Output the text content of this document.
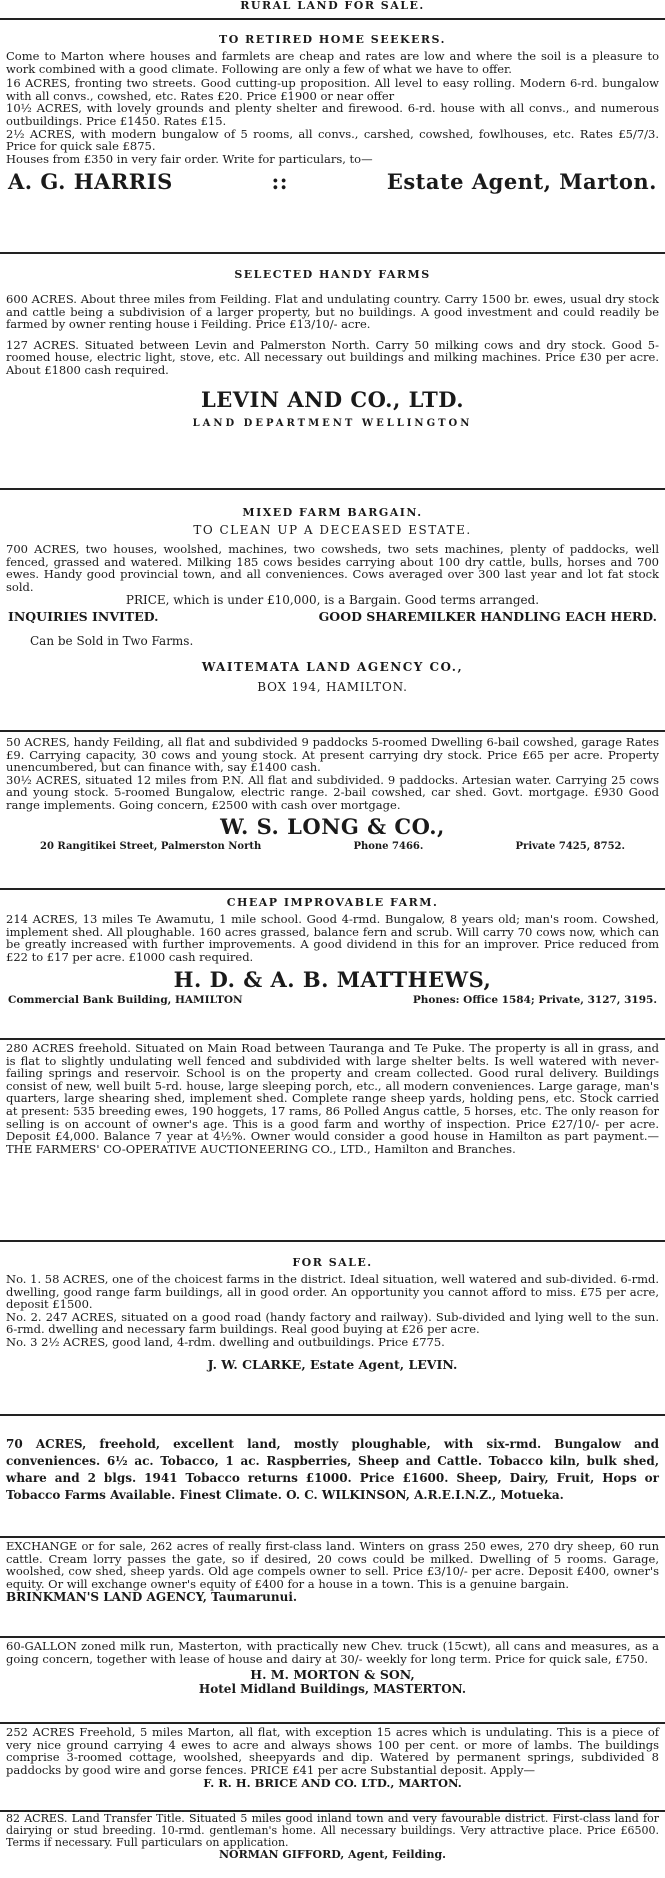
RURAL LAND FOR SALE.
TO RETIRED HOME SEEKERS.
Come to Marton where houses and farmlets are cheap and rates are low and where the soil is a pleasure to work combined with a good climate. Following are only a few of what we have to offer.
16 ACRES, fronting two streets. Good cutting-up proposition. All level to easy rolling. Modern 6-rd. bungalow with all convs., cowshed, etc. Rates £20. Price £1900 or near offer
10½ ACRES, with lovely grounds and plenty shelter and firewood. 6-rd. house with all convs., and numerous outbuildings. Price £1450. Rates £15.
2½ ACRES, with modern bungalow of 5 rooms, all convs., carshed, cowshed, fowlhouses, etc. Rates £5/7/3. Price for quick sale £875.
Houses from £350 in very fair order. Write for particulars, to—
A. G. HARRIS	::	Estate Agent, Marton.
SELECTED HANDY FARMS
600 ACRES. About three miles from Feilding. Flat and undulating country. Carry 1500 br. ewes, usual dry stock and cattle being a subdivision of a larger property, but no buildings. A good investment and could readily be farmed by owner renting house i Feilding. Price £13/10/- acre.
127 ACRES. Situated between Levin and Palmerston North. Carry 50 milking cows and dry stock. Good 5-roomed house, electric light, stove, etc. All necessary out buildings and milking machines. Price £30 per acre. About £1800 cash required.
LEVIN AND CO., LTD.
LAND DEPARTMENT WELLINGTON
MIXED FARM BARGAIN.
TO CLEAN UP A DECEASED ESTATE.
700 ACRES, two houses, woolshed, machines, two cowsheds, two sets machines, plenty of paddocks, well fenced, grassed and watered. Milking 185 cows besides carrying about 100 dry cattle, bulls, horses and 700 ewes. Handy good provincial town, and all conveniences. Cows averaged over 300 last year and lot fat stock sold.
PRICE, which is under £10,000, is a Bargain. Good terms arranged.
INQUIRIES INVITED.	GOOD SHAREMILKER HANDLING EACH HERD.
Can be Sold in Two Farms.
WAITEMATA LAND AGENCY CO.,
BOX 194, HAMILTON.
50 ACRES, handy Feilding, all flat and subdivided 9 paddocks 5-roomed Dwelling 6-bail cowshed, garage Rates £9. Carrying capacity, 30 cows and young stock. At present carrying dry stock. Price £65 per acre. Property unencumbered, but can finance with, say £1400 cash.
30½ ACRES, situated 12 miles from P.N. All flat and subdivided. 9 paddocks. Artesian water. Carrying 25 cows and young stock. 5-roomed Bungalow, electric range. 2-bail cowshed, car shed. Govt. mortgage. £930 Good range implements. Going concern, £2500 with cash over mortgage.
W. S. LONG & CO.,
20 Rangitikei Street, Palmerston North	Phone 7466.	Private 7425, 8752.
CHEAP IMPROVABLE FARM.
214 ACRES, 13 miles Te Awamutu, 1 mile school. Good 4-rmd. Bungalow, 8 years old; man's room. Cowshed, implement shed. All ploughable. 160 acres grassed, balance fern and scrub. Will carry 70 cows now, which can be greatly increased with further improvements. A good dividend in this for an improver. Price reduced from £22 to £17 per acre. £1000 cash required.
H. D. & A. B. MATTHEWS,
Commercial Bank Building, HAMILTON	Phones: Office 1584; Private, 3127, 3195.
280 ACRES freehold. Situated on Main Road between Tauranga and Te Puke. The property is all in grass, and is flat to slightly undulating well fenced and subdivided with large shelter belts. Is well watered with never-failing springs and reservoir. School is on the property and cream collected. Good rural delivery. Buildings consist of new, well built 5-rd. house, large sleeping porch, etc., all modern conveniences. Large garage, man's quarters, large shearing shed, implement shed. Complete range sheep yards, holding pens, etc. Stock carried at present: 535 breeding ewes, 190 hoggets, 17 rams, 86 Polled Angus cattle, 5 horses, etc. The only reason for selling is on account of owner's age. This is a good farm and worthy of inspection. Price £27/10/- per acre. Deposit £4,000. Balance 7 year at 4½%. Owner would consider a good house in Hamilton as part payment.—THE FARMERS' CO-OPERATIVE AUCTIONEERING CO., LTD., Hamilton and Branches.
FOR SALE.
No. 1. 58 ACRES, one of the choicest farms in the district. Ideal situation, well watered and sub-divided. 6-rmd. dwelling, good range farm buildings, all in good order. An opportunity you cannot afford to miss. £75 per acre, deposit £1500.
No. 2. 247 ACRES, situated on a good road (handy factory and railway). Sub-divided and lying well to the sun. 6-rmd. dwelling and necessary farm buildings. Real good buying at £26 per acre.
No. 3 2½ ACRES, good land, 4-rdm. dwelling and outbuildings. Price £775.
J. W. CLARKE, Estate Agent, LEVIN.
70 ACRES, freehold, excellent land, mostly ploughable, with six-rmd. Bungalow and conveniences. 6½ ac. Tobacco, 1 ac. Raspberries, Sheep and Cattle. Tobacco kiln, bulk shed, whare and 2 blgs. 1941 Tobacco returns £1000. Price £1600. Sheep, Dairy, Fruit, Hops or Tobacco Farms Available. Finest Climate. O. C. WILKINSON, A.R.E.I.N.Z., Motueka.
EXCHANGE or for sale, 262 acres of really first-class land. Winters on grass 250 ewes, 270 dry sheep, 60 run cattle. Cream lorry passes the gate, so if desired, 20 cows could be milked. Dwelling of 5 rooms. Garage, woolshed, cow shed, sheep yards. Old age compels owner to sell. Price £3/10/- per acre. Deposit £400, owner's equity. Or will exchange owner's equity of £400 for a house in a town. This is a genuine bargain.
BRINKMAN'S LAND AGENCY, Taumarunui.
60-GALLON zoned milk run, Masterton, with practically new Chev. truck (15cwt), all cans and measures, as a going concern, together with lease of house and dairy at 30/- weekly for long term. Price for quick sale, £750.
H. M. MORTON & SON,
Hotel Midland Buildings, MASTERTON.
252 ACRES Freehold, 5 miles Marton, all flat, with exception 15 acres which is undulating. This is a piece of very nice ground carrying 4 ewes to acre and always shows 100 per cent. or more of lambs. The buildings comprise 3-roomed cottage, woolshed, sheepyards and dip. Watered by permanent springs, subdivided 8 paddocks by good wire and gorse fences. PRICE £41 per acre Substantial deposit. Apply—
F. R. H. BRICE AND CO. LTD., MARTON.
82 ACRES. Land Transfer Title. Situated 5 miles good inland town and very favourable district. First-class land for dairying or stud breeding. 10-rmd. gentleman's home. All necessary buildings. Very attractive place. Price £6500. Terms if necessary. Full particulars on application.
NORMAN GIFFORD, Agent, Feilding.
